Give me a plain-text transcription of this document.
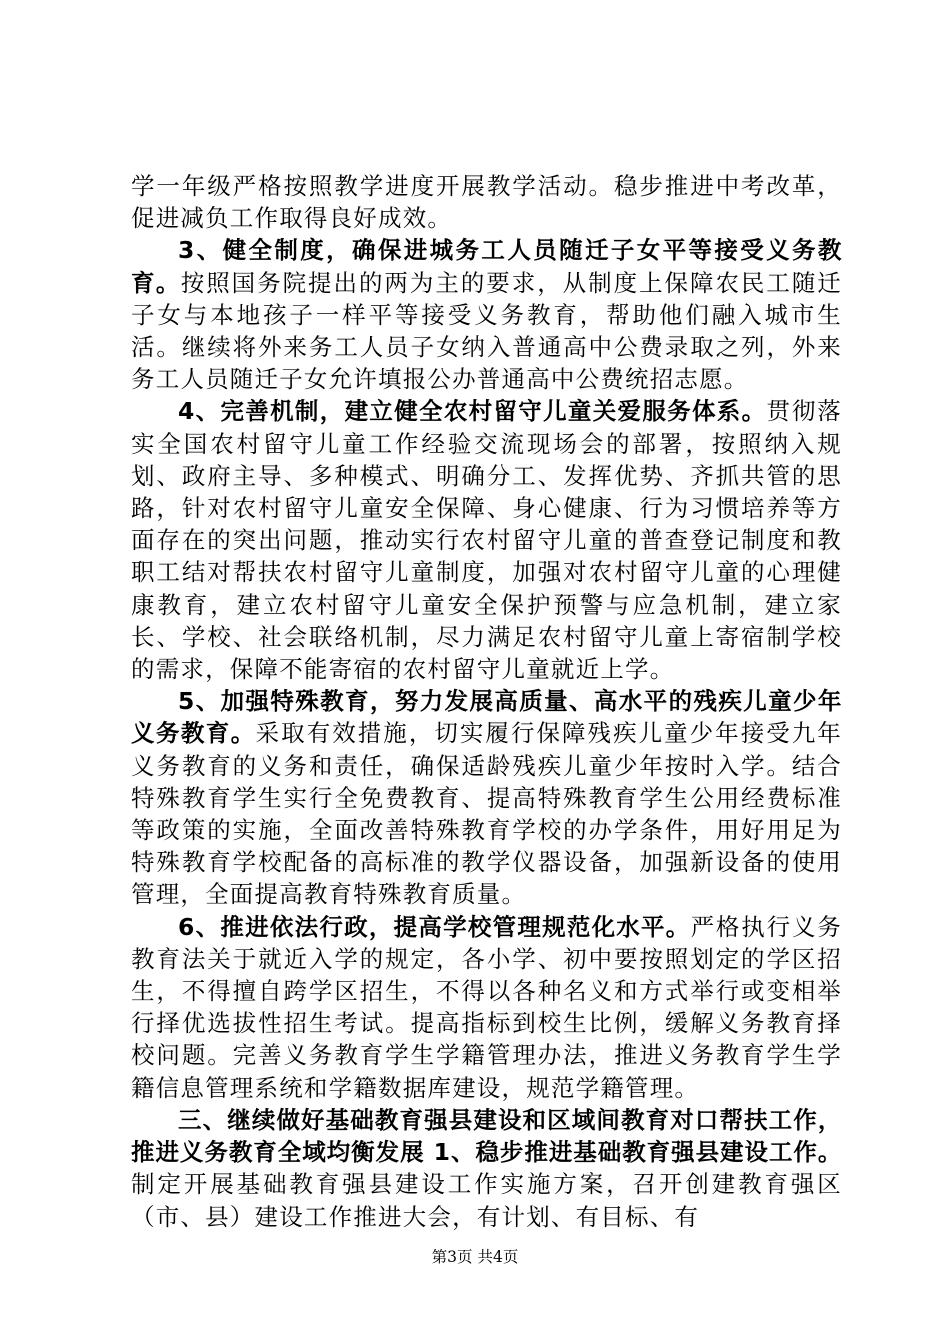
学一年级严格按照教学进度开展教学活动。稳步推进中考改革，促进减负工作取得良好成效。

3、健全制度，确保进城务工人员随迁子女平等接受义务教育。按照国务院提出的两为主的要求，从制度上保障农民工随迁子女与本地孩子一样平等接受义务教育，帮助他们融入城市生活。继续将外来务工人员子女纳入普通高中公费录取之列，外来务工人员随迁子女允许填报公办普通高中公费统招志愿。

4、完善机制，建立健全农村留守儿童关爱服务体系。贯彻落实全国农村留守儿童工作经验交流现场会的部署，按照纳入规划、政府主导、多种模式、明确分工、发挥优势、齐抓共管的思路，针对农村留守儿童安全保障、身心健康、行为习惯培养等方面存在的突出问题，推动实行农村留守儿童的普查登记制度和教职工结对帮扶农村留守儿童制度，加强对农村留守儿童的心理健康教育，建立农村留守儿童安全保护预警与应急机制，建立家长、学校、社会联络机制，尽力满足农村留守儿童上寄宿制学校的需求，保障不能寄宿的农村留守儿童就近上学。

5、加强特殊教育，努力发展高质量、高水平的残疾儿童少年义务教育。采取有效措施，切实履行保障残疾儿童少年接受九年义务教育的义务和责任，确保适龄残疾儿童少年按时入学。结合特殊教育学生实行全免费教育、提高特殊教育学生公用经费标准等政策的实施，全面改善特殊教育学校的办学条件，用好用足为特殊教育学校配备的高标准的教学仪器设备，加强新设备的使用管理，全面提高教育特殊教育质量。

6、推进依法行政，提高学校管理规范化水平。严格执行义务教育法关于就近入学的规定，各小学、初中要按照划定的学区招生，不得擅自跨学区招生，不得以各种名义和方式举行或变相举行择优选拔性招生考试。提高指标到校生比例，缓解义务教育择校问题。完善义务教育学生学籍管理办法，推进义务教育学生学籍信息管理系统和学籍数据库建设，规范学籍管理。

三、继续做好基础教育强县建设和区域间教育对口帮扶工作，推进义务教育全域均衡发展 1、稳步推进基础教育强县建设工作。制定开展基础教育强县建设工作实施方案，召开创建教育强区（市、县）建设工作推进大会，有计划、有目标、有

第3页 共4页
